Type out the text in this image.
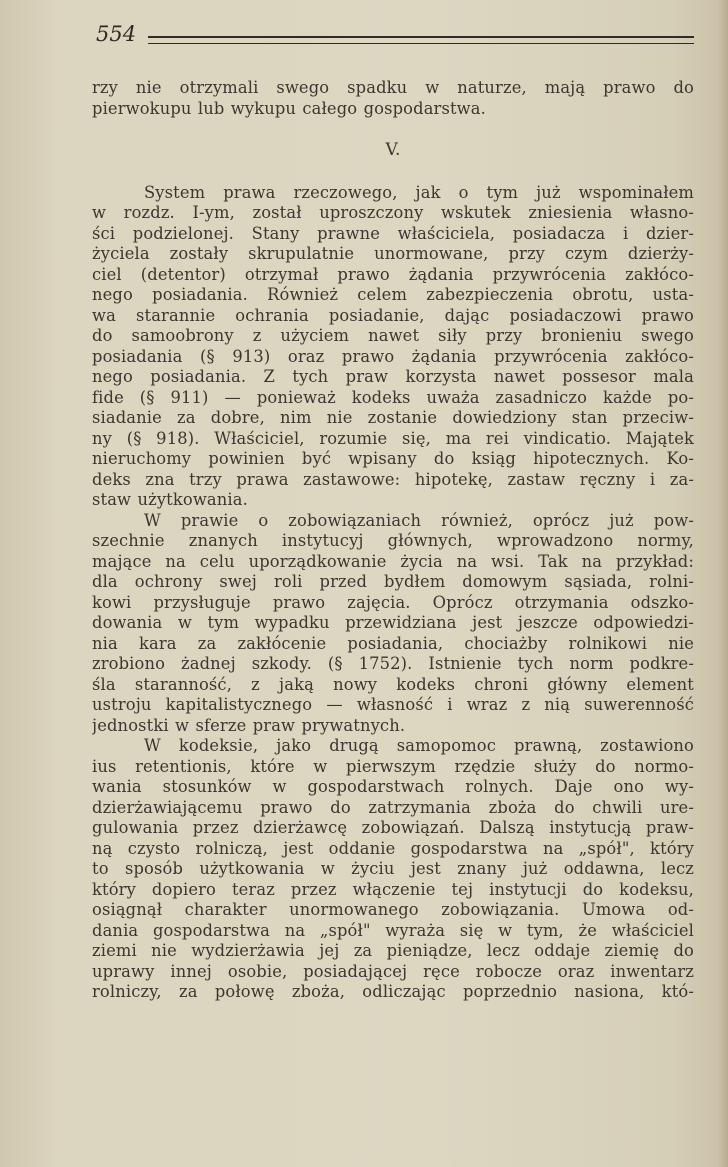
554

rzy nie otrzymali swego spadku w naturze, mają prawo do

pierwokupu lub wykupu całego gospodarstwa.

V.

System prawa rzeczowego, jak o tym już wspominałem

w rozdz. I-ym, został uproszczony wskutek zniesienia własno-

ści podzielonej. Stany prawne właściciela, posiadacza i dzier-

życiela zostały skrupulatnie unormowane, przy czym dzierży-

ciel (detentor) otrzymał prawo żądania przywrócenia zakłóco-

nego posiadania. Również celem zabezpieczenia obrotu, usta-

wa starannie ochrania posiadanie, dając posiadaczowi prawo

do samoobrony z użyciem nawet siły przy bronieniu swego

posiadania (§ 913) oraz prawo żądania przywrócenia zakłóco-

nego posiadania. Z tych praw korzysta nawet possesor mala

fide (§ 911) — ponieważ kodeks uważa zasadniczo każde po-

siadanie za dobre, nim nie zostanie dowiedziony stan przeciw-

ny (§ 918). Właściciel, rozumie się, ma rei vindicatio. Majątek

nieruchomy powinien być wpisany do ksiąg hipotecznych. Ko-

deks zna trzy prawa zastawowe: hipotekę, zastaw ręczny i za-

staw użytkowania.

W prawie o zobowiązaniach również, oprócz już pow-

szechnie znanych instytucyj głównych, wprowadzono normy,

mające na celu uporządkowanie życia na wsi. Tak na przykład:

dla ochrony swej roli przed bydłem domowym sąsiada, rolni-

kowi przysługuje prawo zajęcia. Oprócz otrzymania odszko-

dowania w tym wypadku przewidziana jest jeszcze odpowiedzi-

nia kara za zakłócenie posiadania, chociażby rolnikowi nie

zrobiono żadnej szkody. (§ 1752). Istnienie tych norm podkre-

śla staranność, z jaką nowy kodeks chroni główny element

ustroju kapitalistycznego — własność i wraz z nią suwerenność

jednostki w sferze praw prywatnych.

W kodeksie, jako drugą samopomoc prawną, zostawiono

ius retentionis, które w pierwszym rzędzie służy do normo-

wania stosunków w gospodarstwach rolnych. Daje ono wy-

dzierżawiającemu prawo do zatrzymania zboża do chwili ure-

gulowania przez dzierżawcę zobowiązań. Dalszą instytucją praw-

ną czysto rolniczą, jest oddanie gospodarstwa na „spół", który

to sposób użytkowania w życiu jest znany już oddawna, lecz

który dopiero teraz przez włączenie tej instytucji do kodeksu,

osiągnął charakter unormowanego zobowiązania. Umowa od-

dania gospodarstwa na „spół" wyraża się w tym, że właściciel

ziemi nie wydzierżawia jej za pieniądze, lecz oddaje ziemię do

uprawy innej osobie, posiadającej ręce robocze oraz inwentarz

rolniczy, za połowę zboża, odliczając poprzednio nasiona, któ-
